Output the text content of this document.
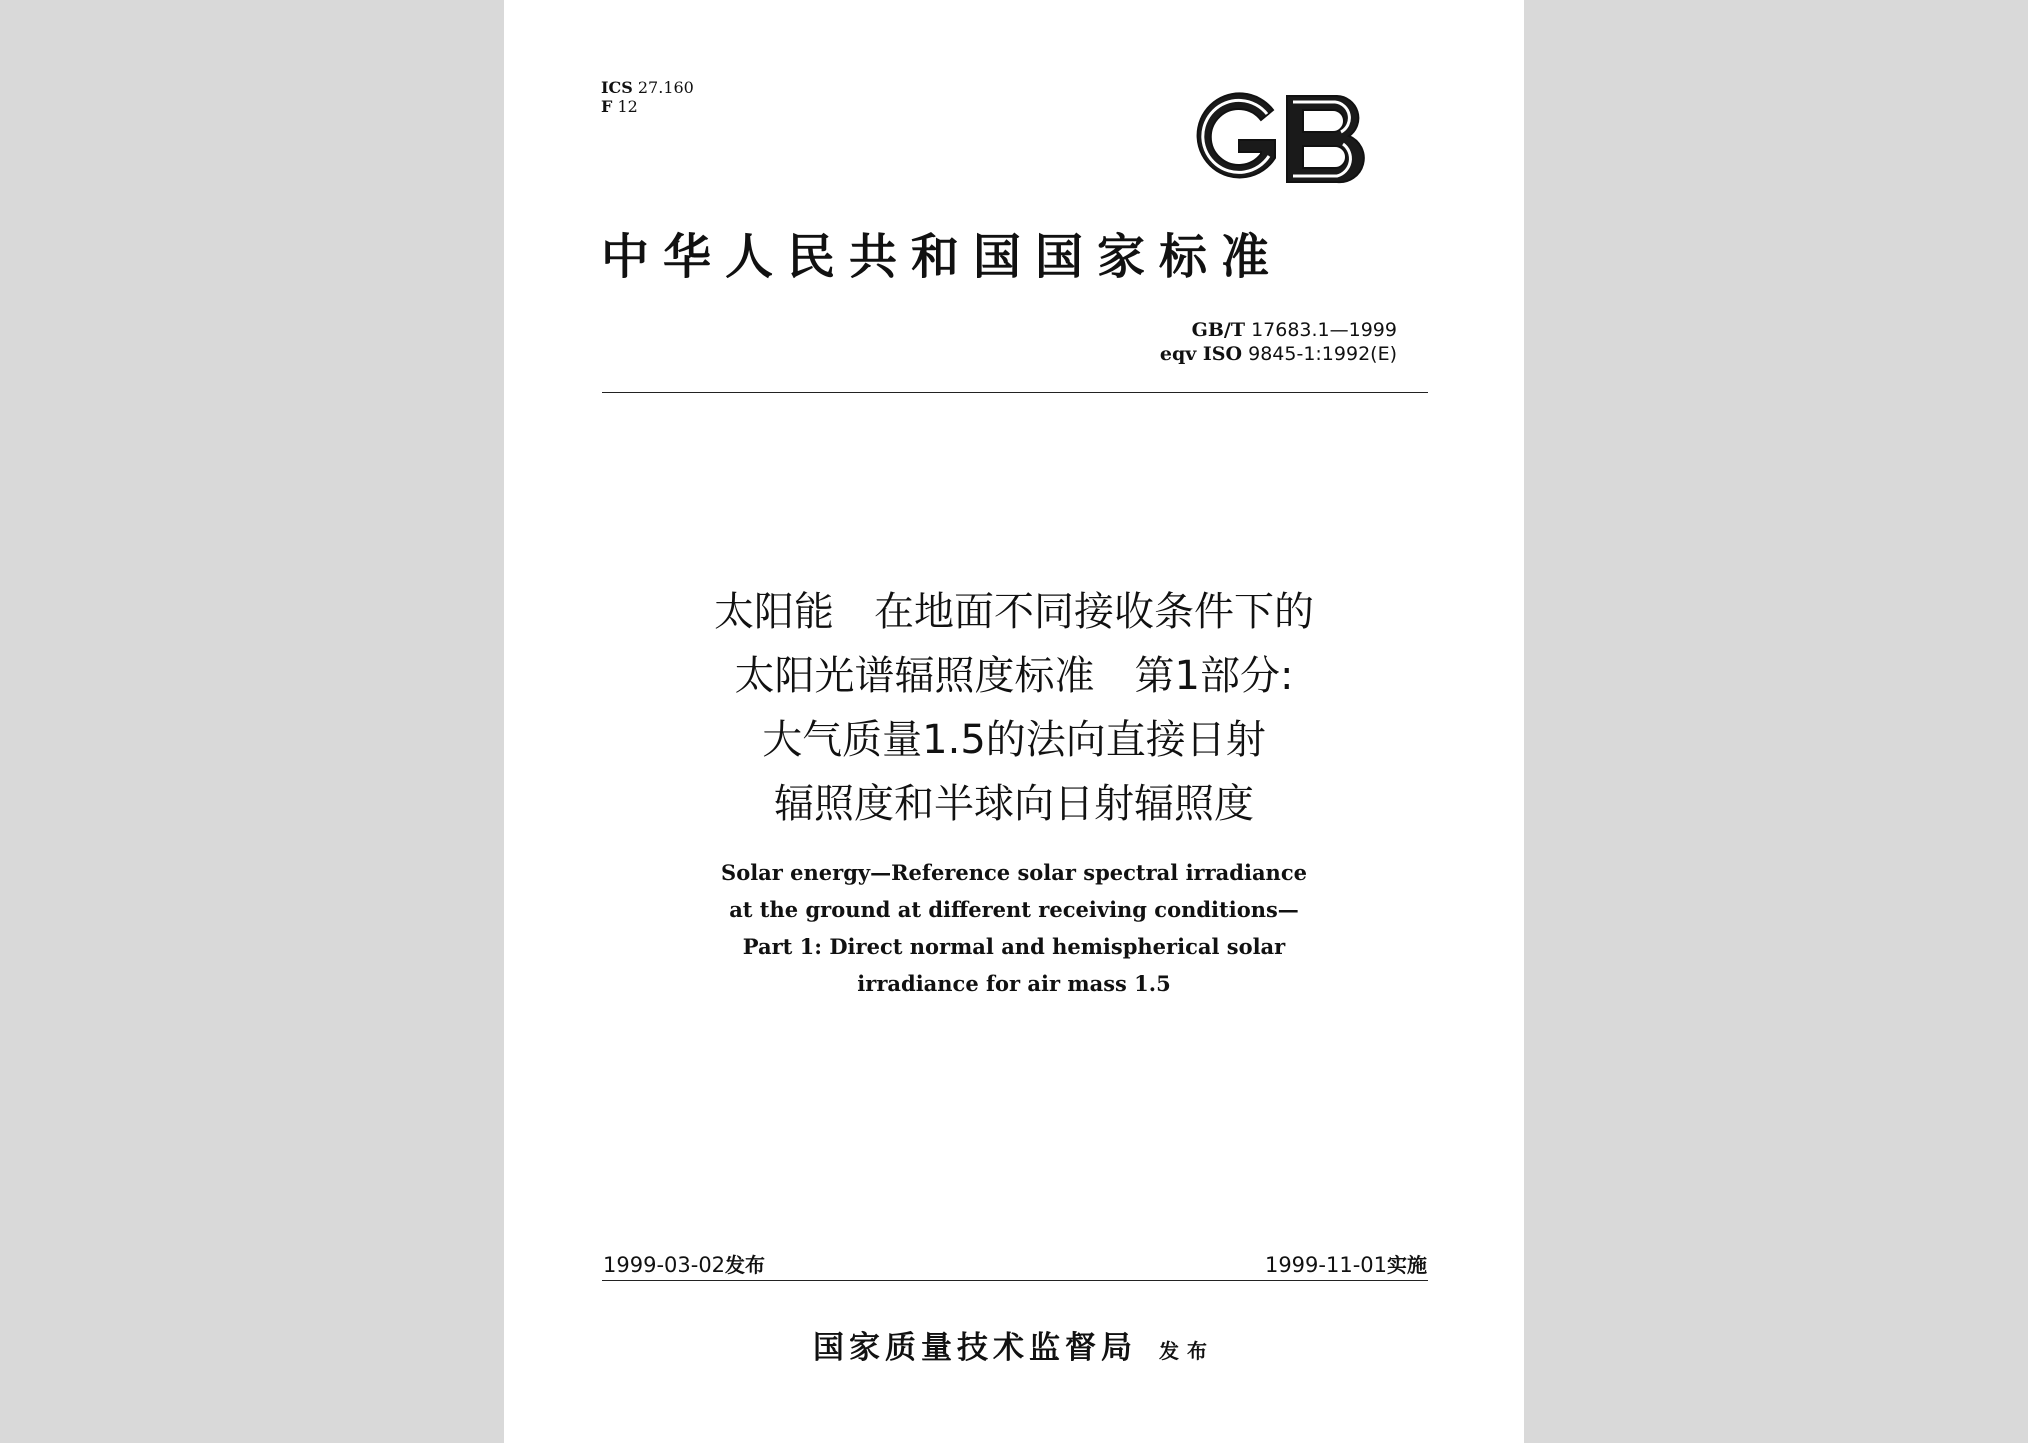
ICS 27.160
F 12
中华人民共和国国家标准
GB/T 17683.1—1999
eqv ISO 9845-1:1992(E)
太阳能　在地面不同接收条件下的
太阳光谱辐照度标准　第1部分:
大气质量1.5的法向直接日射
辐照度和半球向日射辐照度
Solar energy—Reference solar spectral irradiance
at the ground at different receiving conditions—
Part 1: Direct normal and hemispherical solar
irradiance for air mass 1.5
1999-03-02发布	1999-11-01实施
国家质量技术监督局 发布
